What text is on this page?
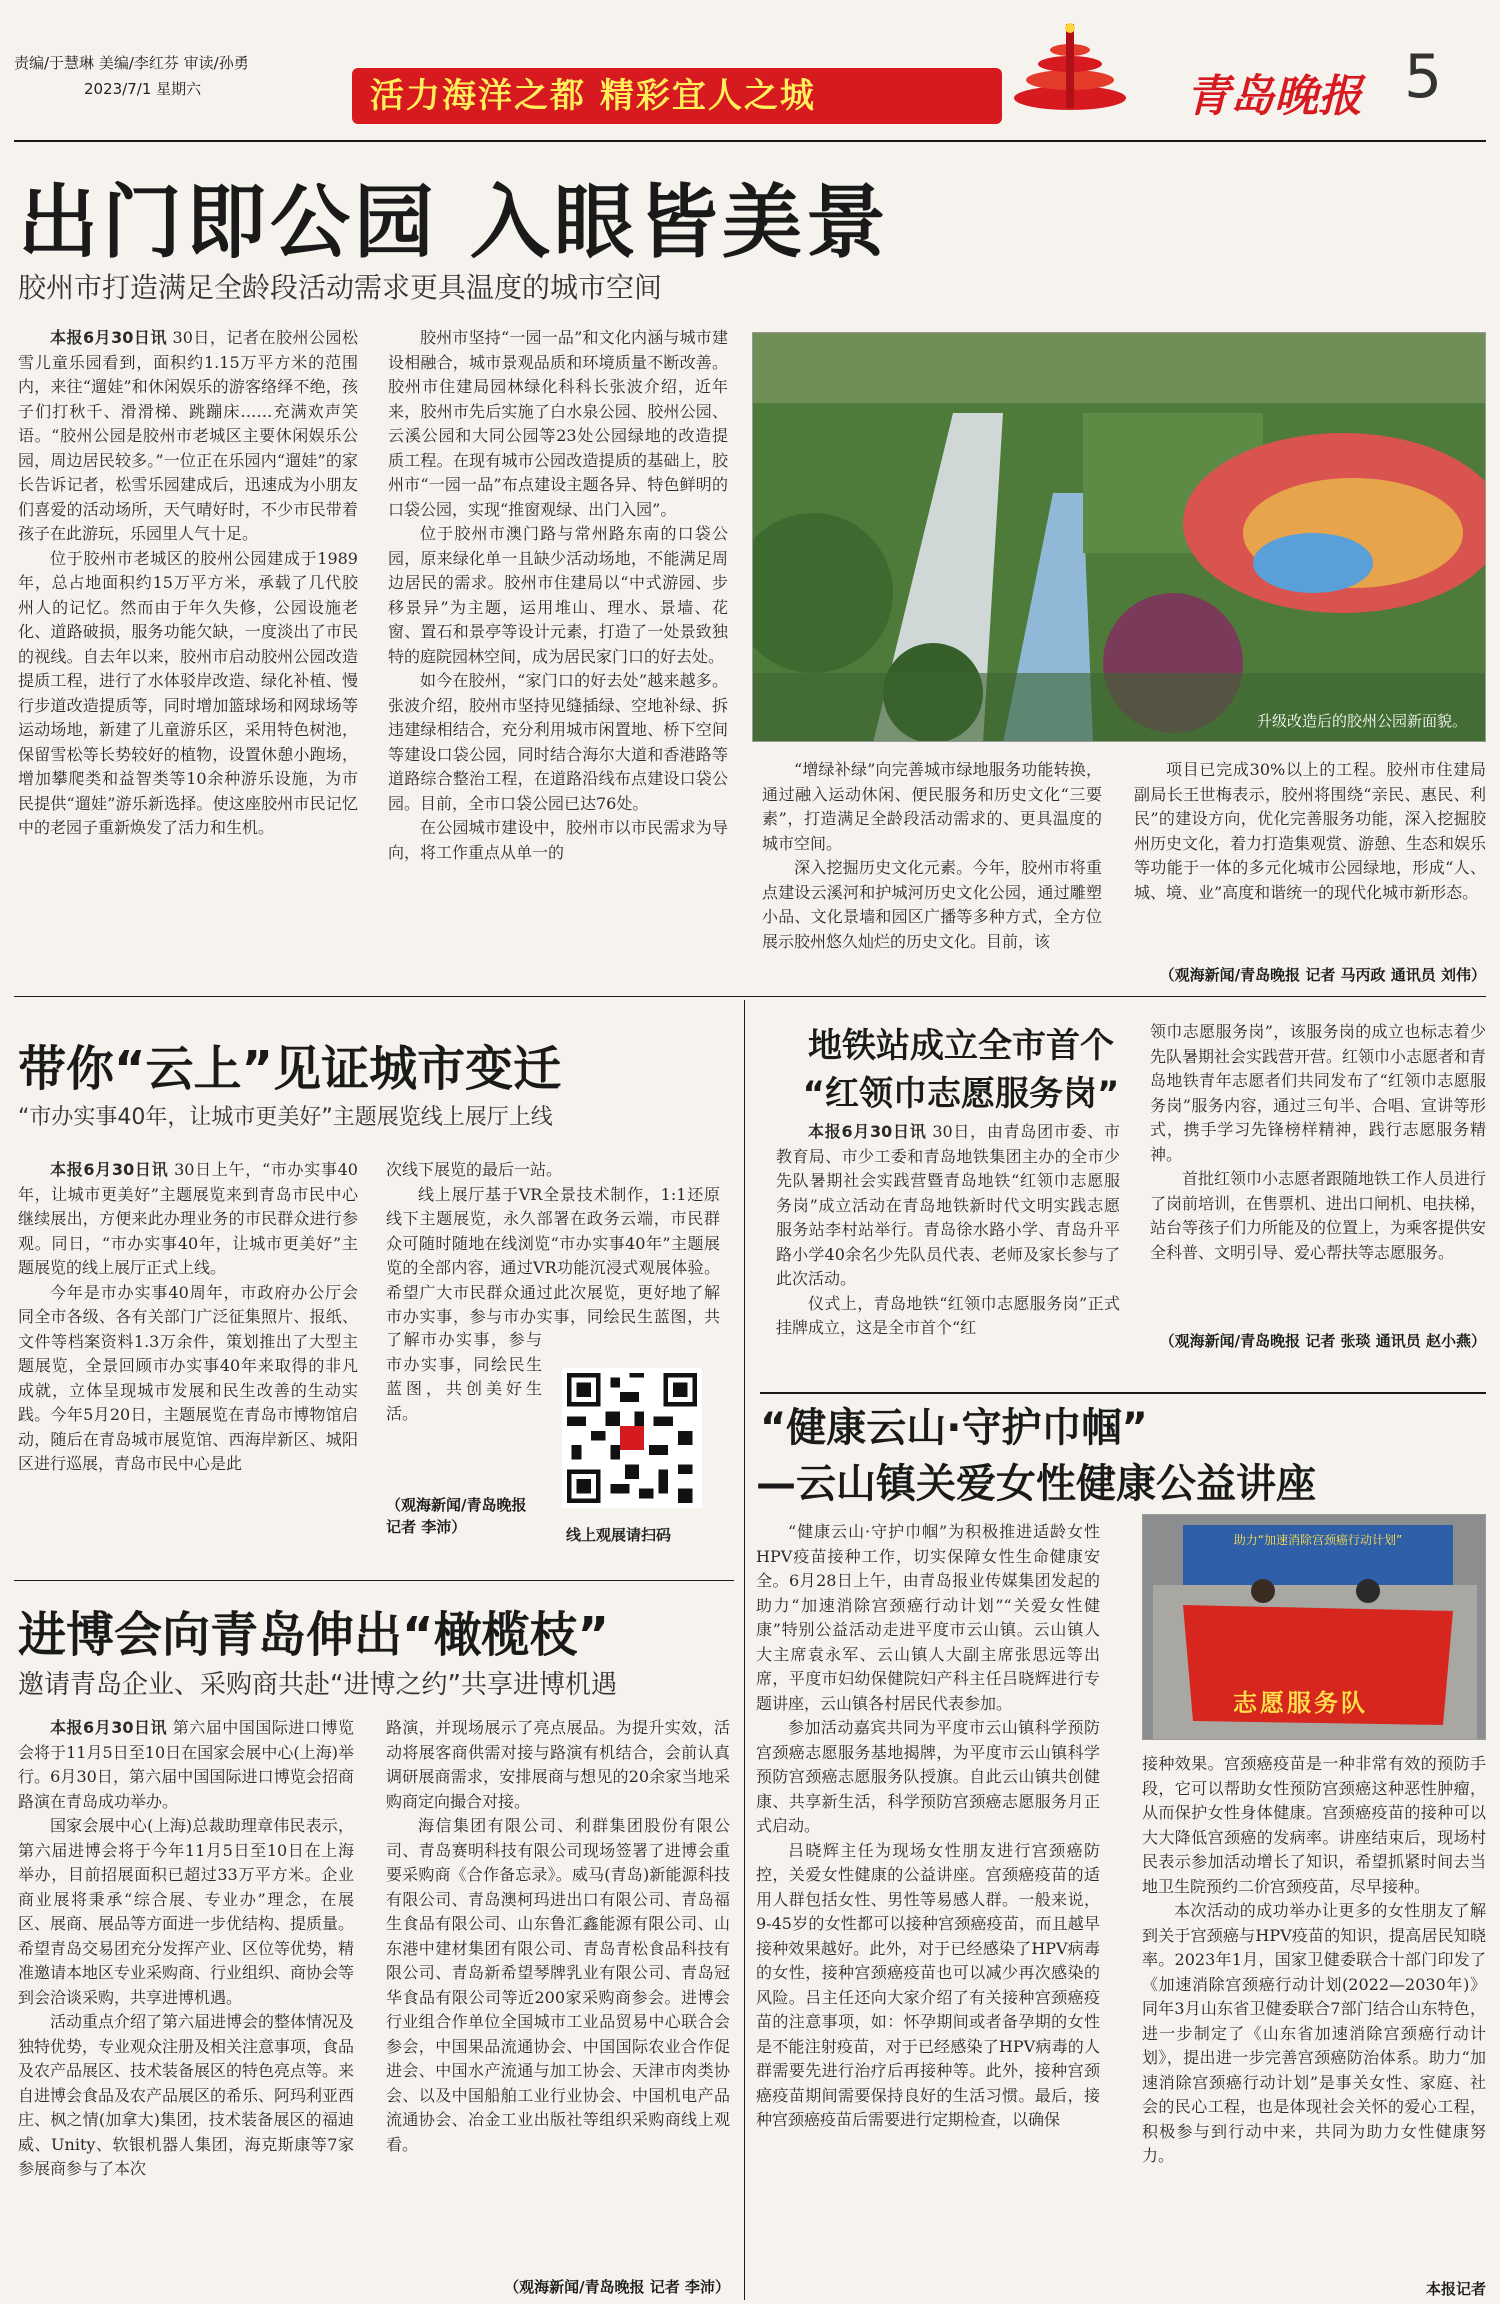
责编/于慧琳 美编/李红芬 审读/孙勇
2023/7/1 星期六	活力海洋之都 精彩宜人之城	青岛晚报 5
出门即公园 入眼皆美景
胶州市打造满足全龄段活动需求更具温度的城市空间

本报6月30日讯 30日，记者在胶州公园松雪儿童乐园看到，面积约1.15万平方米的范围内，来往“遛娃”和休闲娱乐的游客络绎不绝，孩子们打秋千、滑滑梯、跳蹦床……充满欢声笑语。“胶州公园是胶州市老城区主要休闲娱乐公园，周边居民较多。”一位正在乐园内“遛娃”的家长告诉记者，松雪乐园建成后，迅速成为小朋友们喜爱的活动场所，天气晴好时，不少市民带着孩子在此游玩，乐园里人气十足。

位于胶州市老城区的胶州公园建成于1989年，总占地面积约15万平方米，承载了几代胶州人的记忆。然而由于年久失修，公园设施老化、道路破损，服务功能欠缺，一度淡出了市民的视线。自去年以来，胶州市启动胶州公园改造提质工程，进行了水体驳岸改造、绿化补植、慢行步道改造提质等，同时增加篮球场和网球场等运动场地，新建了儿童游乐区，采用特色树池，保留雪松等长势较好的植物，设置休憩小跑场，增加攀爬类和益智类等10余种游乐设施，为市民提供“遛娃”游乐新选择。使这座胶州市民记忆中的老园子重新焕发了活力和生机。

胶州市坚持“一园一品”和文化内涵与城市建设相融合，城市景观品质和环境质量不断改善。胶州市住建局园林绿化科科长张波介绍，近年来，胶州市先后实施了白水泉公园、胶州公园、云溪公园和大同公园等23处公园绿地的改造提质工程。在现有城市公园改造提质的基础上，胶州市“一园一品”布点建设主题各异、特色鲜明的口袋公园，实现“推窗观绿、出门入园”。

位于胶州市澳门路与常州路东南的口袋公园，原来绿化单一且缺少活动场地，不能满足周边居民的需求。胶州市住建局以“中式游园、步移景异”为主题，运用堆山、理水、景墙、花窗、置石和景亭等设计元素，打造了一处景致独特的庭院园林空间，成为居民家门口的好去处。

如今在胶州，“家门口的好去处”越来越多。张波介绍，胶州市坚持见缝插绿、空地补绿、拆违建绿相结合，充分利用城市闲置地、桥下空间等建设口袋公园，同时结合海尔大道和香港路等道路综合整治工程，在道路沿线布点建设口袋公园。目前，全市口袋公园已达76处。

在公园城市建设中，胶州市以市民需求为导向，将工作重点从单一的

升级改造后的胶州公园新面貌。

“增绿补绿”向完善城市绿地服务功能转换，通过融入运动休闲、便民服务和历史文化“三要素”，打造满足全龄段活动需求的、更具温度的城市空间。

深入挖掘历史文化元素。今年，胶州市将重点建设云溪河和护城河历史文化公园，通过雕塑小品、文化景墙和园区广播等多种方式，全方位展示胶州悠久灿烂的历史文化。目前，该

项目已完成30%以上的工程。胶州市住建局副局长王世梅表示，胶州将围绕“亲民、惠民、利民”的建设方向，优化完善服务功能，深入挖掘胶州历史文化，着力打造集观赏、游憩、生态和娱乐等功能于一体的多元化城市公园绿地，形成“人、城、境、业”高度和谐统一的现代化城市新形态。

（观海新闻/青岛晚报 记者 马丙政 通讯员 刘伟）
带你“云上”见证城市变迁
“市办实事40年，让城市更美好”主题展览线上展厅上线

本报6月30日讯 30日上午，“市办实事40年，让城市更美好”主题展览来到青岛市民中心继续展出，方便来此办理业务的市民群众进行参观。同日，“市办实事40年，让城市更美好”主题展览的线上展厅正式上线。

今年是市办实事40周年，市政府办公厅会同全市各级、各有关部门广泛征集照片、报纸、文件等档案资料1.3万余件，策划推出了大型主题展览，全景回顾市办实事40年来取得的非凡成就，立体呈现城市发展和民生改善的生动实践。今年5月20日，主题展览在青岛市博物馆启动，随后在青岛城市展览馆、西海岸新区、城阳区进行巡展，青岛市民中心是此

次线下展览的最后一站。

线上展厅基于VR全景技术制作，1:1还原线下主题展览，永久部署在政务云端，市民群众可随时随地在线浏览“市办实事40年”主题展览的全部内容，通过VR功能沉浸式观展体验。希望广大市民群众通过此次展览，更好地了解市办实事，参与市办实事，同绘民生蓝图，共

了解市办实事，参与市办实事，同绘民生蓝图，共创美好生活。

（观海新闻/青岛晚报 记者 李沛）	线上观展请扫码
地铁站成立全市首个
“红领巾志愿服务岗”

本报6月30日讯 30日，由青岛团市委、市教育局、市少工委和青岛地铁集团主办的全市少先队暑期社会实践营暨青岛地铁“红领巾志愿服务岗”成立活动在青岛地铁新时代文明实践志愿服务站李村站举行。青岛徐水路小学、青岛升平路小学40余名少先队员代表、老师及家长参与了此次活动。

仪式上，青岛地铁“红领巾志愿服务岗”正式挂牌成立，这是全市首个“红

领巾志愿服务岗”，该服务岗的成立也标志着少先队暑期社会实践营开营。红领巾小志愿者和青岛地铁青年志愿者们共同发布了“红领巾志愿服务岗”服务内容，通过三句半、合唱、宣讲等形式，携手学习先锋榜样精神，践行志愿服务精神。

首批红领巾小志愿者跟随地铁工作人员进行了岗前培训，在售票机、进出口闸机、电扶梯，站台等孩子们力所能及的位置上，为乘客提供安全科普、文明引导、爱心帮扶等志愿服务。

（观海新闻/青岛晚报 记者 张琰 通讯员 赵小燕）
“健康云山·守护巾帼”
—云山镇关爱女性健康公益讲座

“健康云山·守护巾帼”为积极推进适龄女性HPV疫苗接种工作，切实保障女性生命健康安全。6月28日上午，由青岛报业传媒集团发起的助力“加速消除宫颈癌行动计划”“关爱女性健康”特别公益活动走进平度市云山镇。云山镇人大主席袁永军、云山镇人大副主席张思远等出席，平度市妇幼保健院妇产科主任吕晓辉进行专题讲座，云山镇各村居民代表参加。

参加活动嘉宾共同为平度市云山镇科学预防宫颈癌志愿服务基地揭牌，为平度市云山镇科学预防宫颈癌志愿服务队授旗。自此云山镇共创健康、共享新生活，科学预防宫颈癌志愿服务月正式启动。

吕晓辉主任为现场女性朋友进行宫颈癌防控，关爱女性健康的公益讲座。宫颈癌疫苗的适用人群包括女性、男性等易感人群。一般来说，9-45岁的女性都可以接种宫颈癌疫苗，而且越早接种效果越好。此外，对于已经感染了HPV病毒的女性，接种宫颈癌疫苗也可以减少再次感染的风险。吕主任还向大家介绍了有关接种宫颈癌疫苗的注意事项，如：怀孕期间或者备孕期的女性是不能注射疫苗，对于已经感染了HPV病毒的人群需要先进行治疗后再接种等。此外，接种宫颈癌疫苗期间需要保持良好的生活习惯。最后，接种宫颈癌疫苗后需要进行定期检查，以确保

助力“加速消除宫颈癌行动计划”
志愿服务队

接种效果。宫颈癌疫苗是一种非常有效的预防手段，它可以帮助女性预防宫颈癌这种恶性肿瘤，从而保护女性身体健康。宫颈癌疫苗的接种可以大大降低宫颈癌的发病率。讲座结束后，现场村民表示参加活动增长了知识，希望抓紧时间去当地卫生院预约二价宫颈疫苗，尽早接种。

本次活动的成功举办让更多的女性朋友了解到关于宫颈癌与HPV疫苗的知识，提高居民知晓率。2023年1月，国家卫健委联合十部门印发了《加速消除宫颈癌行动计划(2022—2030年)》同年3月山东省卫健委联合7部门结合山东特色，进一步制定了《山东省加速消除宫颈癌行动计划》，提出进一步完善宫颈癌防治体系。助力“加速消除宫颈癌行动计划”是事关女性、家庭、社会的民心工程，也是体现社会关怀的爱心工程，积极参与到行动中来，共同为助力女性健康努力。

本报记者
进博会向青岛伸出“橄榄枝”
邀请青岛企业、采购商共赴“进博之约”共享进博机遇

本报6月30日讯 第六届中国国际进口博览会将于11月5日至10日在国家会展中心(上海)举行。6月30日，第六届中国国际进口博览会招商路演在青岛成功举办。

国家会展中心(上海)总裁助理章伟民表示，第六届进博会将于今年11月5日至10日在上海举办，目前招展面积已超过33万平方米。企业商业展将秉承“综合展、专业办”理念，在展区、展商、展品等方面进一步优结构、提质量。希望青岛交易团充分发挥产业、区位等优势，精准邀请本地区专业采购商、行业组织、商协会等到会洽谈采购，共享进博机遇。

活动重点介绍了第六届进博会的整体情况及独特优势，专业观众注册及相关注意事项，食品及农产品展区、技术装备展区的特色亮点等。来自进博会食品及农产品展区的希乐、阿玛利亚西庄、枫之情(加拿大)集团，技术装备展区的福迪威、Unity、软银机器人集团，海克斯康等7家参展商参与了本次

路演，并现场展示了亮点展品。为提升实效，活动将展客商供需对接与路演有机结合，会前认真调研展商需求，安排展商与想见的20余家当地采购商定向撮合对接。

海信集团有限公司、利群集团股份有限公司、青岛赛明科技有限公司现场签署了进博会重要采购商《合作备忘录》。威马(青岛)新能源科技有限公司、青岛澳柯玛进出口有限公司、青岛福生食品有限公司、山东鲁汇鑫能源有限公司、山东港中建材集团有限公司、青岛青松食品科技有限公司、青岛新希望琴牌乳业有限公司、青岛冠华食品有限公司等近200家采购商参会。进博会行业组合作单位全国城市工业品贸易中心联合会参会，中国果品流通协会、中国国际农业合作促进会、中国水产流通与加工协会、天津市肉类协会、以及中国船舶工业行业协会、中国机电产品流通协会、冶金工业出版社等组织采购商线上观看。

（观海新闻/青岛晚报 记者 李沛）
